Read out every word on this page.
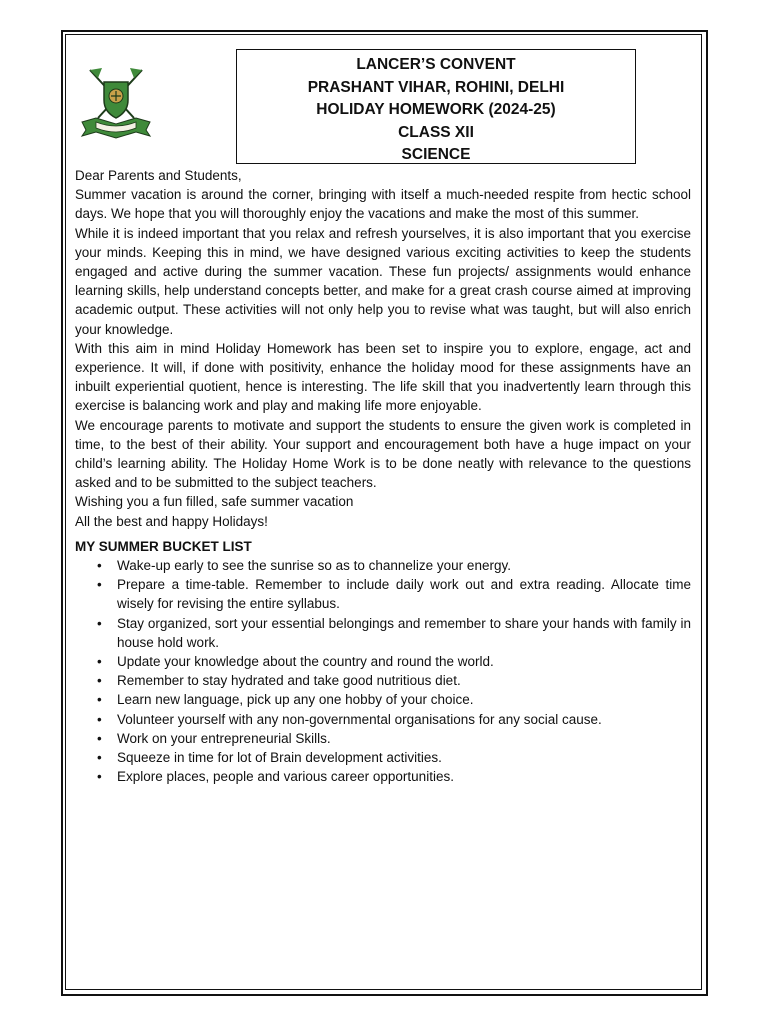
LANCER’S CONVENT
PRASHANT VIHAR, ROHINI, DELHI
HOLIDAY HOMEWORK (2024-25)
CLASS XII
SCIENCE

Dear Parents and Students,

Summer vacation is around the corner, bringing with itself a much-needed respite from hectic school days. We hope that you will thoroughly enjoy the vacations and make the most of this summer.

While it is indeed important that you relax and refresh yourselves, it is also important that you exercise your minds. Keeping this in mind, we have designed various exciting activities to keep the students engaged and active during the summer vacation. These fun projects/ assignments would enhance learning skills, help understand concepts better, and make for a great crash course aimed at improving academic output. These activities will not only help you to revise what was taught, but will also enrich your knowledge.

With this aim in mind Holiday Homework has been set to inspire you to explore, engage, act and experience. It will, if done with positivity, enhance the holiday mood for these assignments have an inbuilt experiential quotient, hence is interesting. The life skill that you inadvertently learn through this exercise is balancing work and play and making life more enjoyable.

We encourage parents to motivate and support the students to ensure the given work is completed in time, to the best of their ability. Your support and encouragement both have a huge impact on your child’s learning ability. The Holiday Home Work is to be done neatly with relevance to the questions asked and to be submitted to the subject teachers.

Wishing you a fun filled, safe summer vacation

All the best and happy Holidays!

MY SUMMER BUCKET LIST

• Wake-up early to see the sunrise so as to channelize your energy.
• Prepare a time-table. Remember to include daily work out and extra reading. Allocate time wisely for revising the entire syllabus.
• Stay organized, sort your essential belongings and remember to share your hands with family in house hold work.
• Update your knowledge about the country and round the world.
• Remember to stay hydrated and take good nutritious diet.
• Learn new language, pick up any one hobby of your choice.
• Volunteer yourself with any non-governmental organisations for any social cause.
• Work on your entrepreneurial Skills.
• Squeeze in time for lot of Brain development activities.
• Explore places, people and various career opportunities.
